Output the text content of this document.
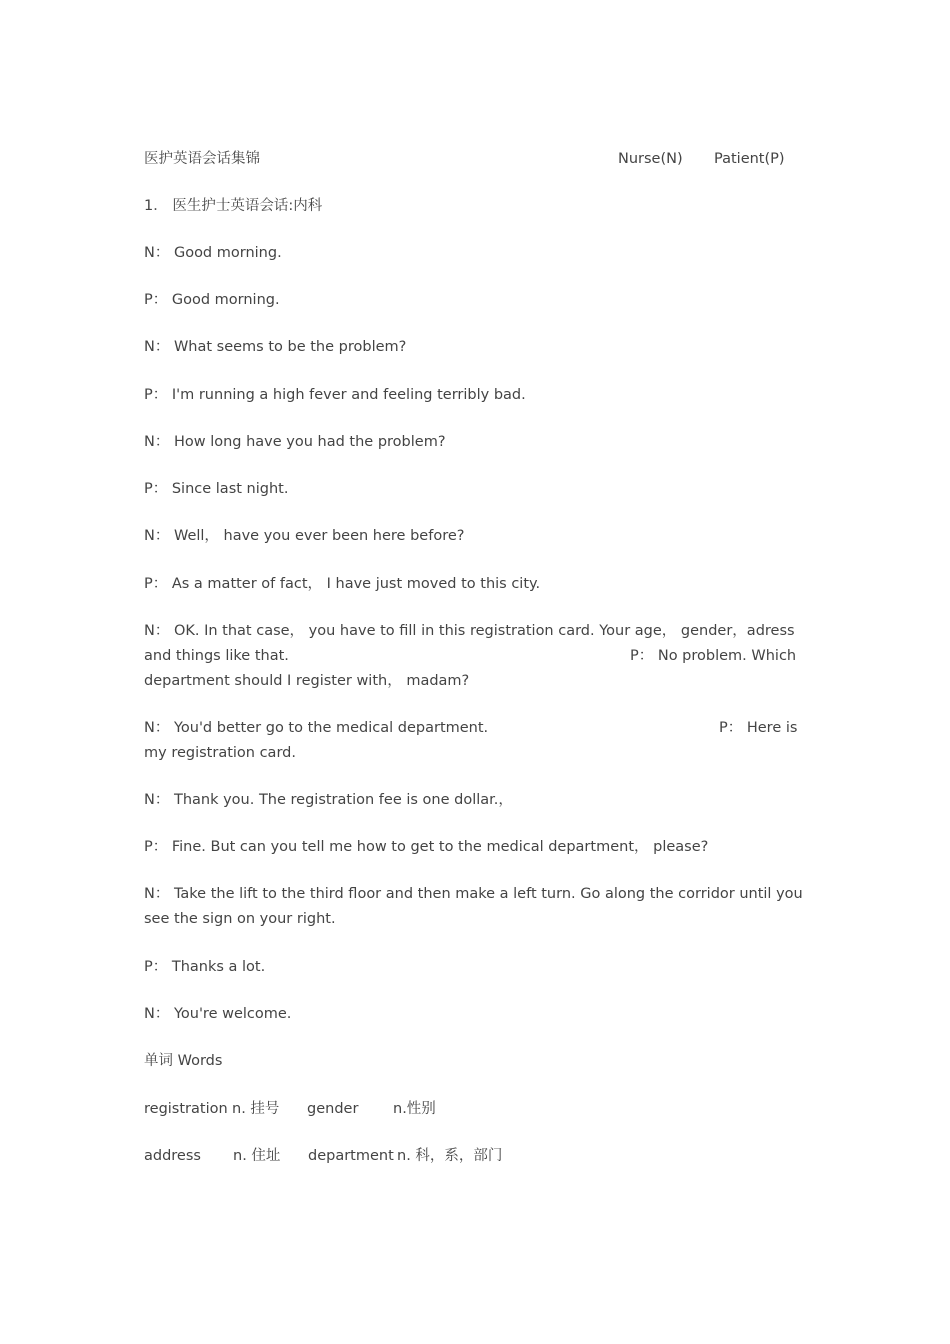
医护英语会话集锦	Nurse(N) Patient(P)
1． 医生护士英语会话:内科
N： Good morning.
P： Good morning.
N： What seems to be the problem?
P： I'm running a high fever and feeling terribly bad.
N： How long have you had the problem?
P： Since last night.
N： Well， have you ever been here before?
P： As a matter of fact， I have just moved to this city.
N： OK. In that case， you have to fill in this registration card. Your age， gender，adress
and things like that.	P： No problem. Which
department should I register with， madam?
N： You'd better go to the medical department.	P： Here is
my registration card.
N： Thank you. The registration fee is one dollar.，
P： Fine. But can you tell me how to get to the medical department， please?
N： Take the lift to the third floor and then make a left turn. Go along the corridor until you see the sign on your right.
P： Thanks a lot.
N： You're welcome.
单词 Words
registration n. 挂号 gender n.性别
address n. 住址 department n. 科，系，部门
